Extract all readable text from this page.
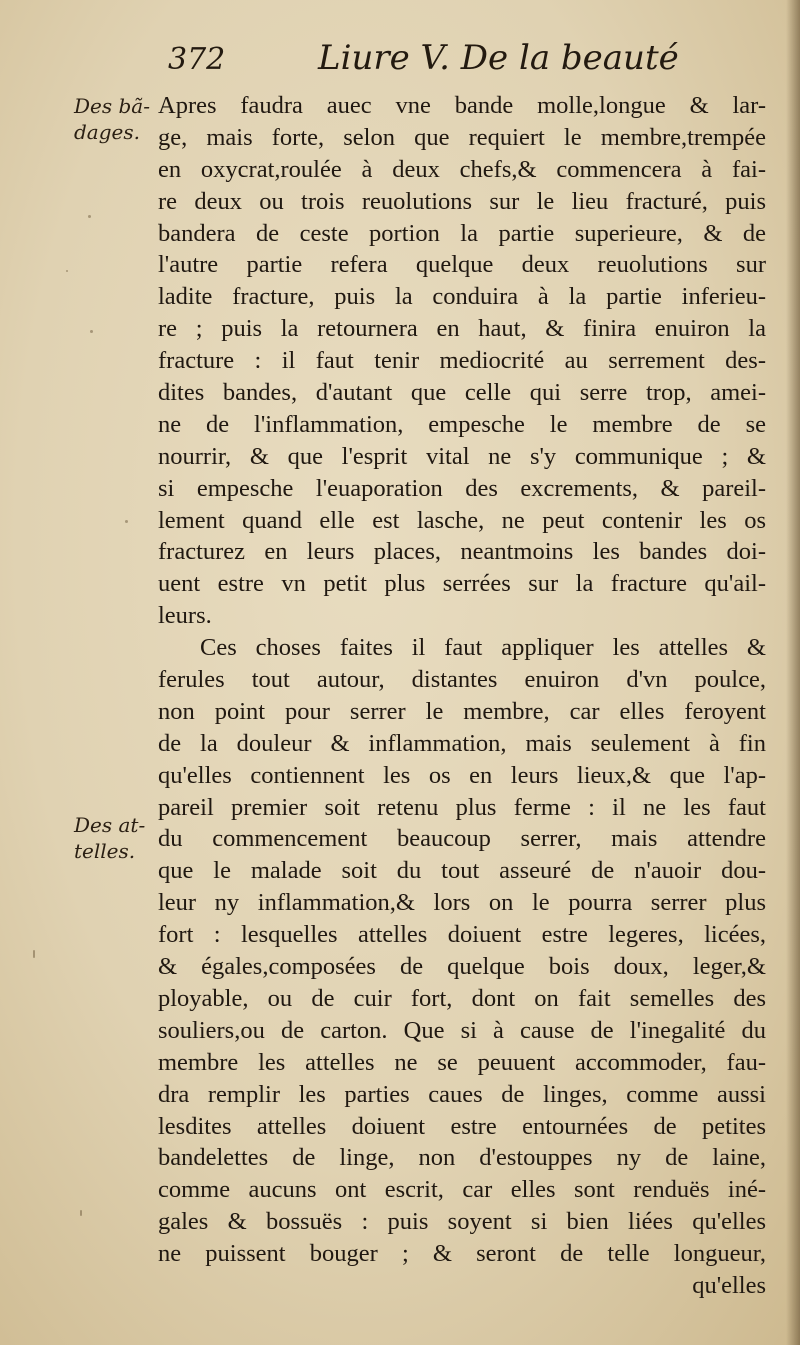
372	Liure V. De la beauté
Des bã-
dages.
Des at-
telles.
Apres faudra auec vne bande molle,longue & lar-
ge, mais forte, selon que requiert le membre,trempée
en oxycrat,roulée à deux chefs,& commencera à fai-
re deux ou trois reuolutions sur le lieu fracturé, puis
bandera de ceste portion la partie superieure, & de
l'autre partie refera quelque deux reuolutions sur
ladite fracture, puis la conduira à la partie inferieu-
re ; puis la retournera en haut, & finira enuiron la
fracture : il faut tenir mediocrité au serrement des-
dites bandes, d'autant que celle qui serre trop, amei-
ne de l'inflammation, empesche le membre de se
nourrir, & que l'esprit vital ne s'y communique ; &
si empesche l'euaporation des excrements, & pareil-
lement quand elle est lasche, ne peut contenir les os
fracturez en leurs places, neantmoins les bandes doi-
uent estre vn petit plus serrées sur la fracture qu'ail-
leurs.
Ces choses faites il faut appliquer les attelles &
ferules tout autour, distantes enuiron d'vn poulce,
non point pour serrer le membre, car elles feroyent
de la douleur & inflammation, mais seulement à fin
qu'elles contiennent les os en leurs lieux,& que l'ap-
pareil premier soit retenu plus ferme : il ne les faut
du commencement beaucoup serrer, mais attendre
que le malade soit du tout asseuré de n'auoir dou-
leur ny inflammation,& lors on le pourra serrer plus
fort : lesquelles attelles doiuent estre legeres, licées,
& égales,composées de quelque bois doux, leger,&
ployable, ou de cuir fort, dont on fait semelles des
souliers,ou de carton. Que si à cause de l'inegalité du
membre les attelles ne se peuuent accommoder, fau-
dra remplir les parties caues de linges, comme aussi
lesdites attelles doiuent estre entournées de petites
bandelettes de linge, non d'estouppes ny de laine,
comme aucuns ont escrit, car elles sont renduës iné-
gales & bossuës : puis soyent si bien liées qu'elles
ne puissent bouger ; & seront de telle longueur,
qu'elles
